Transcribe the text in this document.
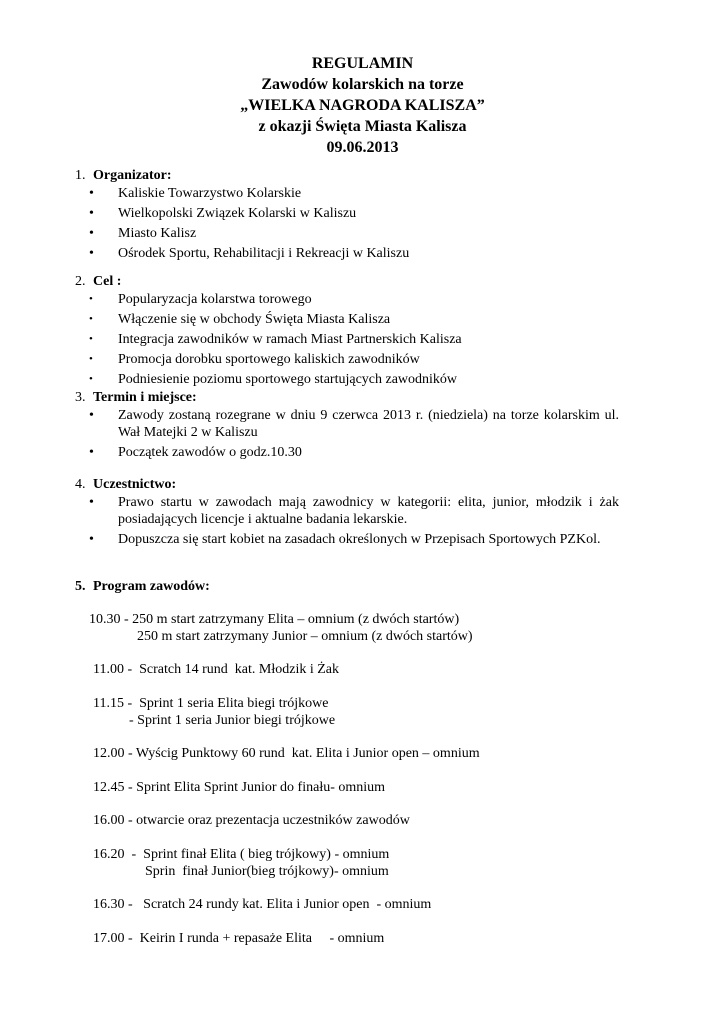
REGULAMIN
Zawodów kolarskich na torze
„WIELKA NAGRODA KALISZA”
z okazji Święta Miasta Kalisza
09.06.2013
1. Organizator:
• Kaliskie Towarzystwo Kolarskie
• Wielkopolski Związek Kolarski w Kaliszu
• Miasto Kalisz
• Ośrodek Sportu, Rehabilitacji i Rekreacji w Kaliszu
2. Cel :
• Popularyzacja kolarstwa torowego
• Włączenie się w obchody Święta Miasta Kalisza
• Integracja zawodników w ramach Miast Partnerskich Kalisza
• Promocja dorobku sportowego kaliskich zawodników
• Podniesienie poziomu sportowego startujących zawodników
3. Termin i miejsce:
• Zawody zostaną rozegrane w dniu 9 czerwca 2013 r. (niedziela) na torze kolarskim ul. Wał Matejki 2 w Kaliszu
• Początek zawodów o godz.10.30
4. Uczestnictwo:
• Prawo startu w zawodach mają zawodnicy w kategorii: elita, junior, młodzik i żak posiadających licencje i aktualne badania lekarskie.
• Dopuszcza się start kobiet na zasadach określonych w Przepisach Sportowych PZKol.
5. Program zawodów:
10.30 - 250 m start zatrzymany Elita – omnium (z dwóch startów)
250 m start zatrzymany Junior – omnium (z dwóch startów)
11.00 -  Scratch 14 rund  kat. Młodzik i Żak
11.15 -  Sprint 1 seria Elita biegi trójkowe
- Sprint 1 seria Junior biegi trójkowe
12.00 - Wyścig Punktowy 60 rund  kat. Elita i Junior open – omnium
12.45 - Sprint Elita Sprint Junior do finału- omnium
16.00 - otwarcie oraz prezentacja uczestników zawodów
16.20  -  Sprint finał Elita ( bieg trójkowy) - omnium
Sprin  finał Junior(bieg trójkowy)- omnium
16.30 -   Scratch 24 rundy kat. Elita i Junior open  - omnium
17.00 -  Keirin I runda + repasaże Elita     - omnium
